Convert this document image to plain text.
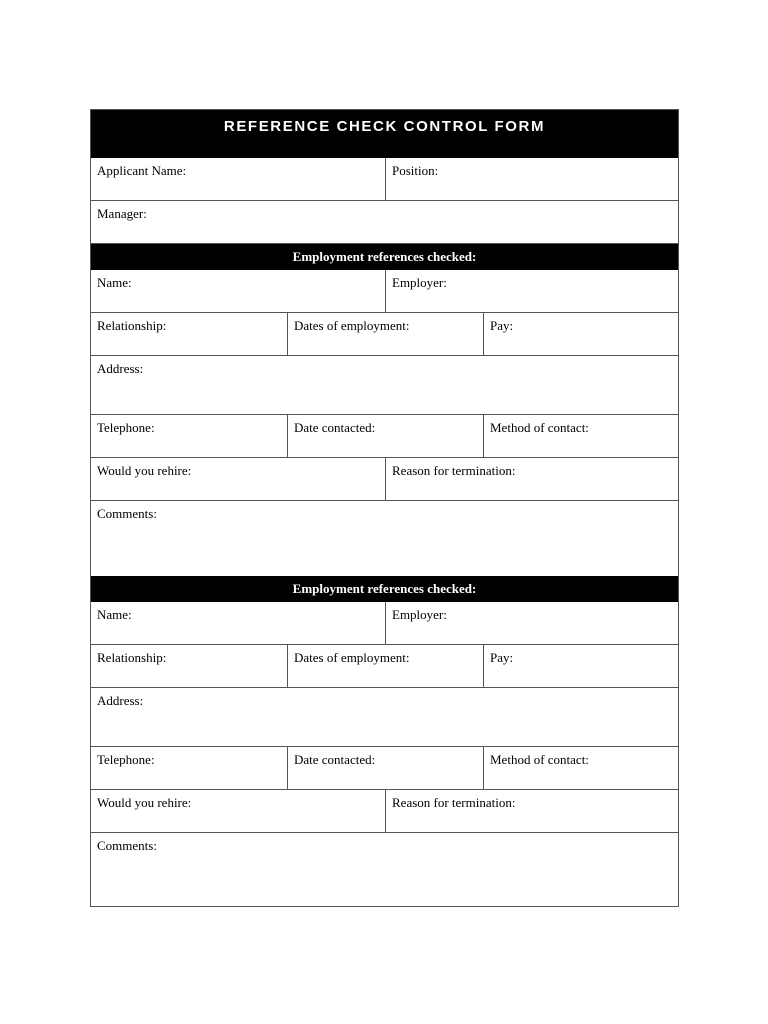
REFERENCE CHECK CONTROL FORM
Applicant Name:	Position:
Manager:
Employment references checked:
Name:	Employer:
Relationship:	Dates of employment:	Pay:
Address:
Telephone:	Date contacted:	Method of contact:
Would you rehire:	Reason for termination:
Comments:
Employment references checked:
Name:	Employer:
Relationship:	Dates of employment:	Pay:
Address:
Telephone:	Date contacted:	Method of contact:
Would you rehire:	Reason for termination:
Comments:
